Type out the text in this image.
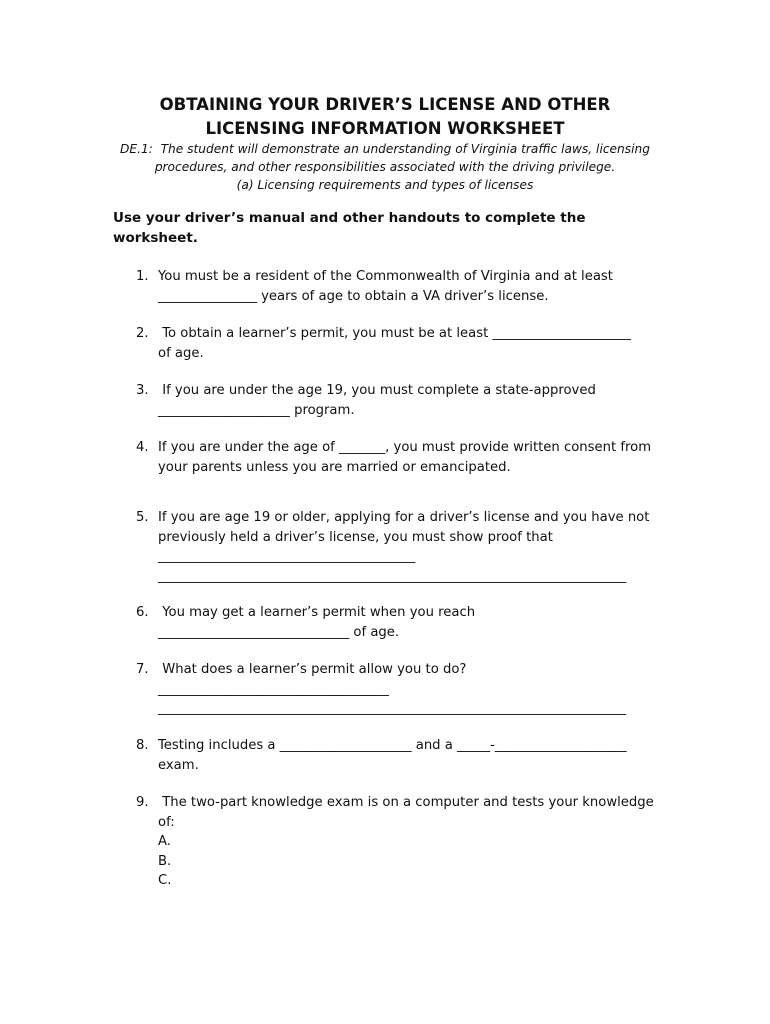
OBTAINING YOUR DRIVER’S LICENSE AND OTHER
LICENSING INFORMATION WORKSHEET

DE.1:  The student will demonstrate an understanding of Virginia traffic laws, licensing
procedures, and other responsibilities associated with the driving privilege.
(a) Licensing requirements and types of licenses

Use your driver’s manual and other handouts to complete the
worksheet.

1. You must be a resident of the Commonwealth of Virginia and at least
_______________ years of age to obtain a VA driver’s license.
2. To obtain a learner’s permit, you must be at least _____________________
of age.
3. If you are under the age 19, you must complete a state-approved
____________________ program.
4. If you are under the age of _______, you must provide written consent from
your parents unless you are married or emancipated.
5. If you are age 19 or older, applying for a driver’s license and you have not
previously held a driver’s license, you must show proof that
_______________________________________
_______________________________________________________________________
6. You may get a learner’s permit when you reach
_____________________________ of age.
7. What does a learner’s permit allow you to do?
___________________________________
_______________________________________________________________________
8. Testing includes a ____________________ and a _____-____________________
exam.
9. The two-part knowledge exam is on a computer and tests your knowledge
of:
A.
B.
C.
